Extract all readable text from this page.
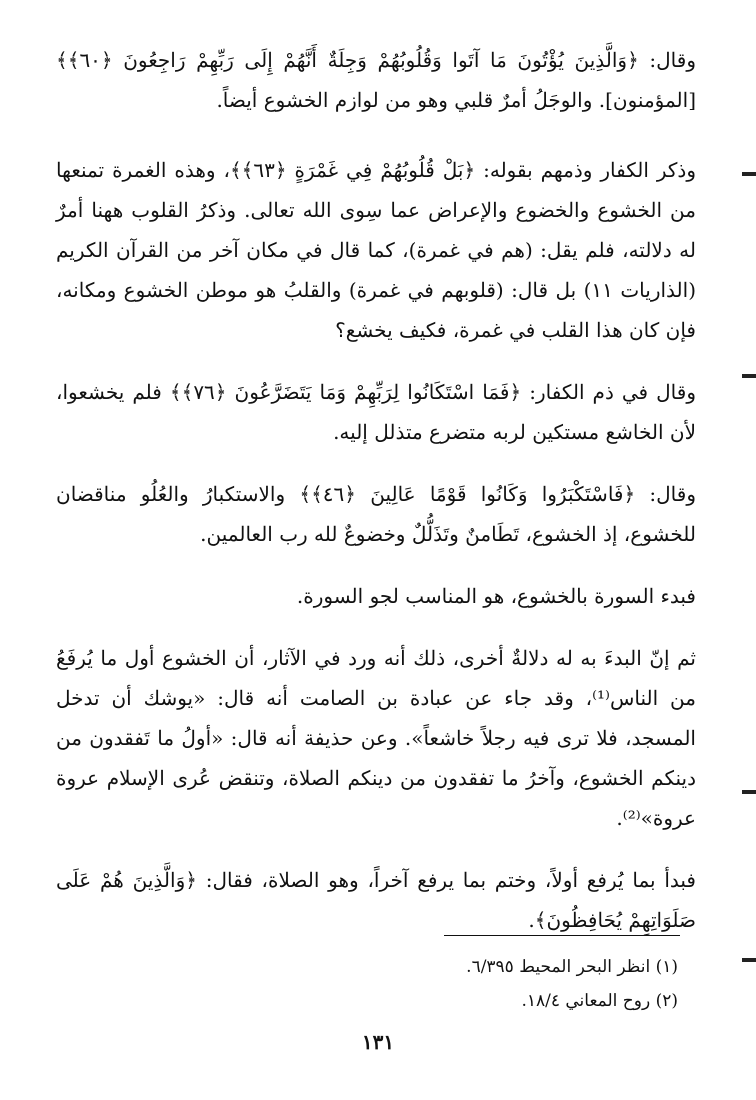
وقال: ﴿وَالَّذِينَ يُؤْتُونَ مَا آتَوا وَقُلُوبُهُمْ وَجِلَةٌ أَنَّهُمْ إِلَى رَبِّهِمْ رَاجِعُونَ ﴿٦٠﴾﴾ [المؤمنون]. والوجَلُ أمرٌ قلبي وهو من لوازم الخشوع أيضاً.

وذكر الكفار وذمهم بقوله: ﴿بَلْ قُلُوبُهُمْ فِي غَمْرَةٍ ﴿٦٣﴾﴾، وهذه الغمرة تمنعها من الخشوع والخضوع والإعراض عما سِوى الله تعالى. وذكرُ القلوب ههنا أمرٌ له دلالته، فلم يقل: (هم في غمرة)، كما قال في مكان آخر من القرآن الكريم (الذاريات ١١) بل قال: (قلوبهم في غمرة) والقلبُ هو موطن الخشوع ومكانه، فإن كان هذا القلب في غمرة، فكيف يخشع؟

وقال في ذم الكفار: ﴿فَمَا اسْتَكَانُوا لِرَبِّهِمْ وَمَا يَتَضَرَّعُونَ ﴿٧٦﴾﴾ فلم يخشعوا، لأن الخاشع مستكين لربه متضرع متذلل إليه.

وقال: ﴿فَاسْتَكْبَرُوا وَكَانُوا قَوْمًا عَالِينَ ﴿٤٦﴾﴾ والاستكبارُ والعُلُو مناقضان للخشوع، إذ الخشوع، تَطَامنٌ وتَذَلُّلٌ وخضوعٌ لله رب العالمين.

فبدء السورة بالخشوع، هو المناسب لجو السورة.

ثم إنّ البدءَ به له دلالةٌ أخرى، ذلك أنه ورد في الآثار، أن الخشوع أول ما يُرفَعُ من الناس⁽¹⁾، وقد جاء عن عبادة بن الصامت أنه قال: «يوشك أن تدخل المسجد، فلا ترى فيه رجلاً خاشعاً». وعن حذيفة أنه قال: «أولُ ما تَفقدون من دينكم الخشوع، وآخرُ ما تفقدون من دينكم الصلاة، وتنقض عُرى الإسلام عروة عروة»⁽²⁾.

فبدأ بما يُرفع أولاً، وختم بما يرفع آخراً، وهو الصلاة، فقال: ﴿وَالَّذِينَ هُمْ عَلَى صَلَوَاتِهِمْ يُحَافِظُونَ﴾.

(١) انظر البحر المحيط ٦/٣٩٥.

(٢) روح المعاني ١٨/٤.

١٣١
